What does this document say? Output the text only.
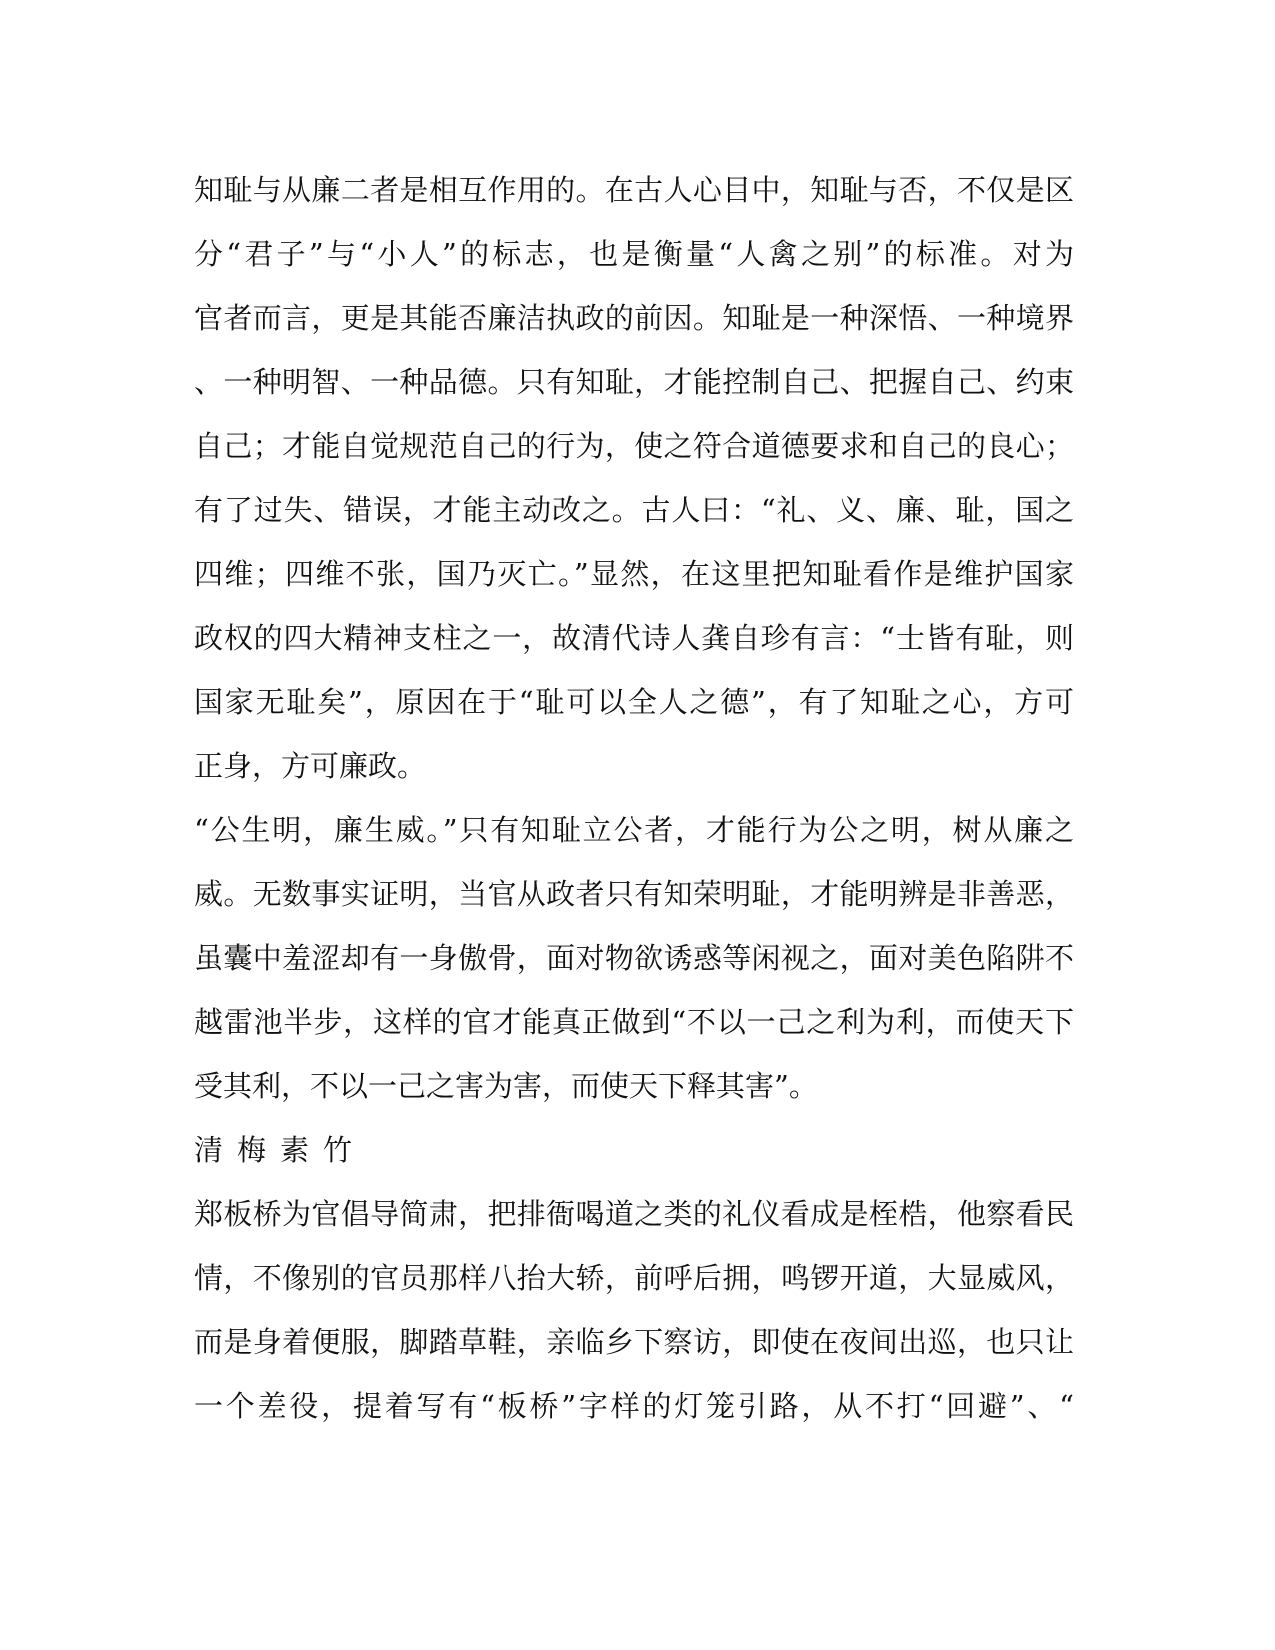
知耻与从廉二者是相互作用的。在古人心目中，知耻与否，不仅是区
分“君子”与“小人”的标志，也是衡量“人禽之别”的标准。对为
官者而言，更是其能否廉洁执政的前因。知耻是一种深悟、一种境界
、一种明智、一种品德。只有知耻，才能控制自己、把握自己、约束
自己；才能自觉规范自己的行为，使之符合道德要求和自己的良心；
有了过失、错误，才能主动改之。古人曰：“礼、义、廉、耻，国之
四维；四维不张，国乃灭亡。”显然，在这里把知耻看作是维护国家
政权的四大精神支柱之一，故清代诗人龚自珍有言：“士皆有耻，则
国家无耻矣”，原因在于“耻可以全人之德”，有了知耻之心，方可
正身，方可廉政。
“公生明，廉生威。”只有知耻立公者，才能行为公之明，树从廉之
威。无数事实证明，当官从政者只有知荣明耻，才能明辨是非善恶，
虽囊中羞涩却有一身傲骨，面对物欲诱惑等闲视之，面对美色陷阱不
越雷池半步，这样的官才能真正做到“不以一己之利为利，而使天下
受其利，不以一己之害为害，而使天下释其害”。
清梅素竹
郑板桥为官倡导简肃，把排衙喝道之类的礼仪看成是桎梏，他察看民
情，不像别的官员那样八抬大轿，前呼后拥，鸣锣开道，大显威风，
而是身着便服，脚踏草鞋，亲临乡下察访，即使在夜间出巡，也只让
一个差役，提着写有“板桥”字样的灯笼引路，从不打“回避”、“
